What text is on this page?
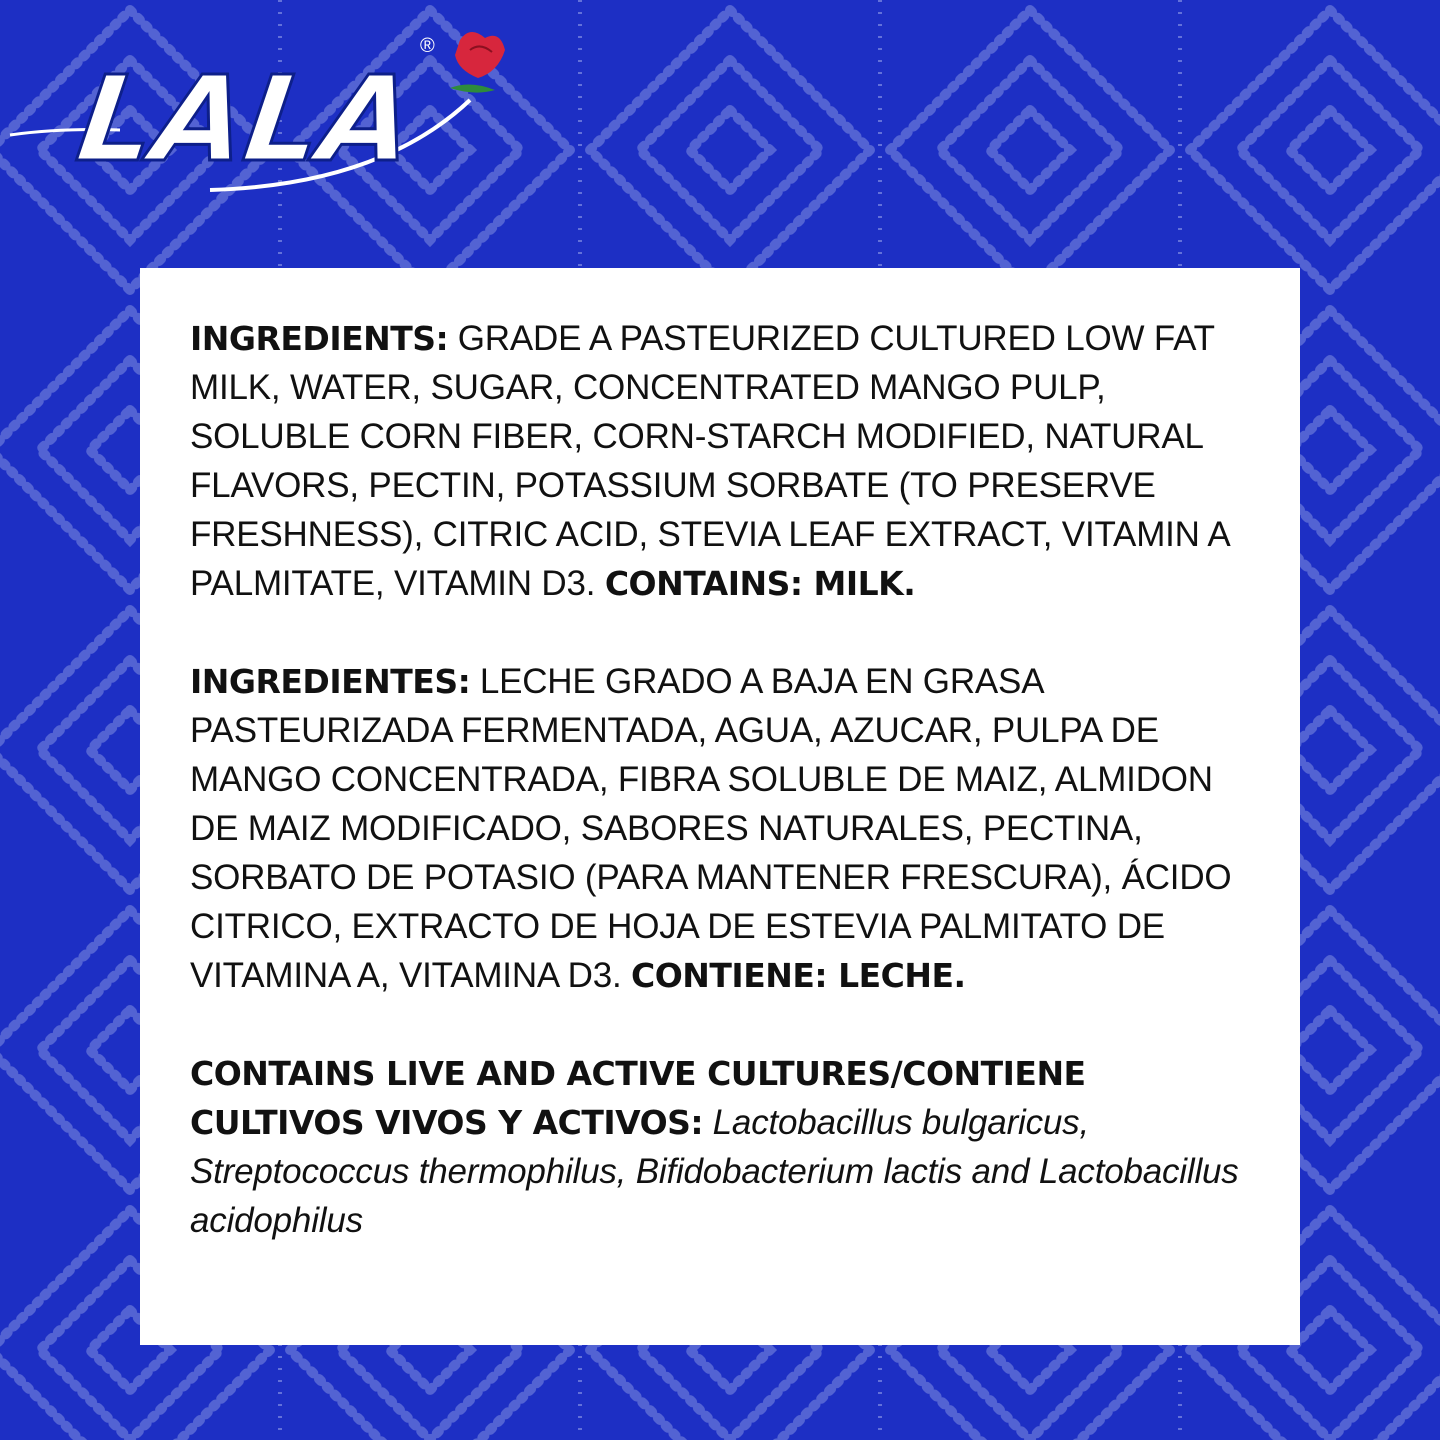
LALA
®

INGREDIENTS: GRADE A PASTEURIZED CULTURED LOW FAT MILK, WATER, SUGAR, CONCENTRATED MANGO PULP, SOLUBLE CORN FIBER, CORN-STARCH MODIFIED, NATURAL FLAVORS, PECTIN, POTASSIUM SORBATE (TO PRESERVE FRESHNESS), CITRIC ACID, STEVIA LEAF EXTRACT, VITAMIN A PALMITATE, VITAMIN D3. CONTAINS: MILK.

INGREDIENTES: LECHE GRADO A BAJA EN GRASA PASTEURIZADA FERMENTADA, AGUA, AZUCAR, PULPA DE MANGO CONCENTRADA, FIBRA SOLUBLE DE MAIZ, ALMIDON DE MAIZ MODIFICADO, SABORES NATURALES, PECTINA, SORBATO DE POTASIO (PARA MANTENER FRESCURA), ÁCIDO CITRICO, EXTRACTO DE HOJA DE ESTEVIA PALMITATO DE VITAMINA A, VITAMINA D3. CONTIENE: LECHE.

CONTAINS LIVE AND ACTIVE CULTURES/CONTIENE CULTIVOS VIVOS Y ACTIVOS: Lactobacillus bulgaricus, Streptococcus thermophilus, Bifidobacterium lactis and Lactobacillus acidophilus
